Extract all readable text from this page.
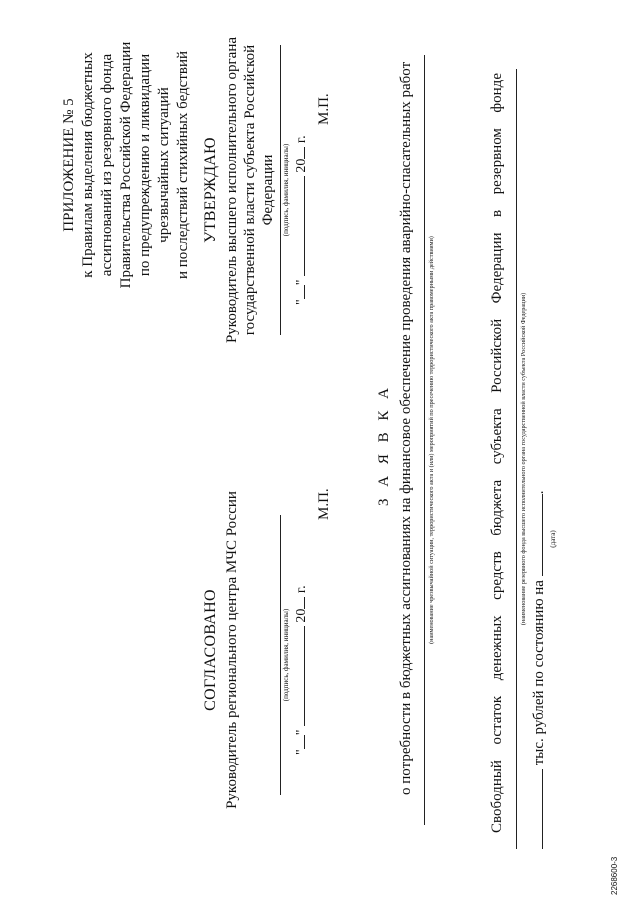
ПРИЛОЖЕНИЕ № 5 к Правилам выделения бюджетных ассигнований из резервного фонда Правительства Российской Федерации по предупреждению и ликвидации чрезвычайных ситуаций и последствий стихийных бедствий
СОГЛАСОВАНО Руководитель регионального центра МЧС России	(подпись, фамилия, инициалы)
""  20 г.
М.П.
УТВЕРЖДАЮ Руководитель высшего исполнительного органа государственной власти субъекта Российской Федерации (подпись, фамилия, инициалы)
""  20 г.
М.П.
З А Я В К А о потребности в бюджетных ассигнованиях на финансовое обеспечение проведения аварийно-спасательных работ (наименование чрезвычайной ситуации, террористического акта и (или) мероприятий по пресечению террористического акта правомерными действиями)
Свободный
остаток
денежных
средств
бюджета
субъекта
Российской
Федерации
в
резервном
фонде
(наименование резервного фонда высшего исполнительного органа государственной власти субъекта Российской Федерации)
тыс. рублей по состоянию на .
(дата)
2268600-3
